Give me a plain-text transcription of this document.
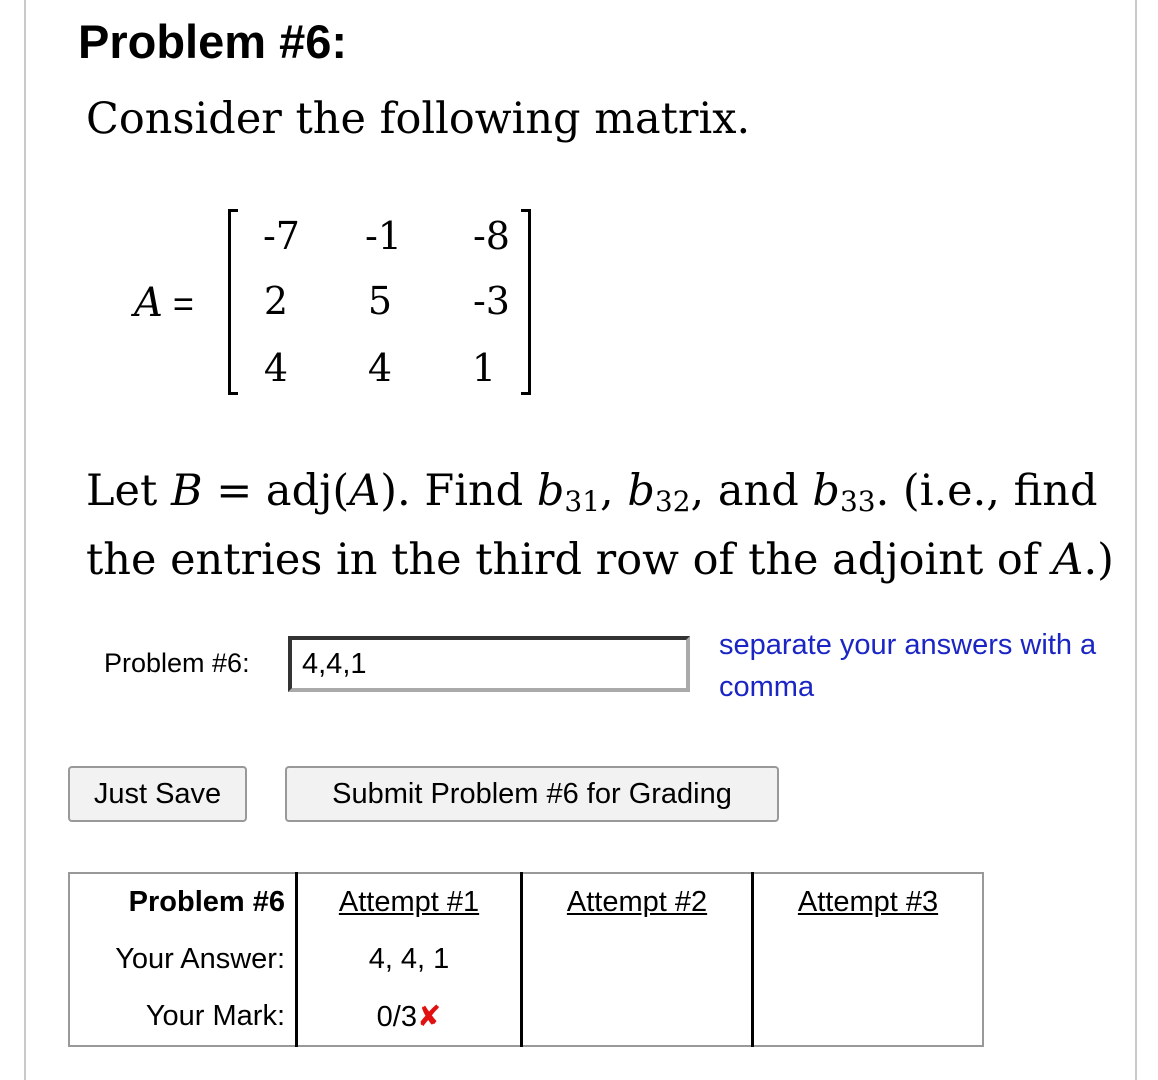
Problem #6:
Consider the following matrix.
A =
-7	-1	-8
2	5	-3
4	4	1
Let B = adj(A). Find $b_{31}$, $b_{32}$, and $b_{33}$. (i.e., find the entries in the third row of the adjoint of A.)
Problem #6:
4,4,1
separate your answers with a comma
Just Save	Submit Problem #6 for Grading
Problem #6	Attempt #1	Attempt #2	Attempt #3
Your Answer:	4, 4, 1		
Your Mark:	0/3✘		
